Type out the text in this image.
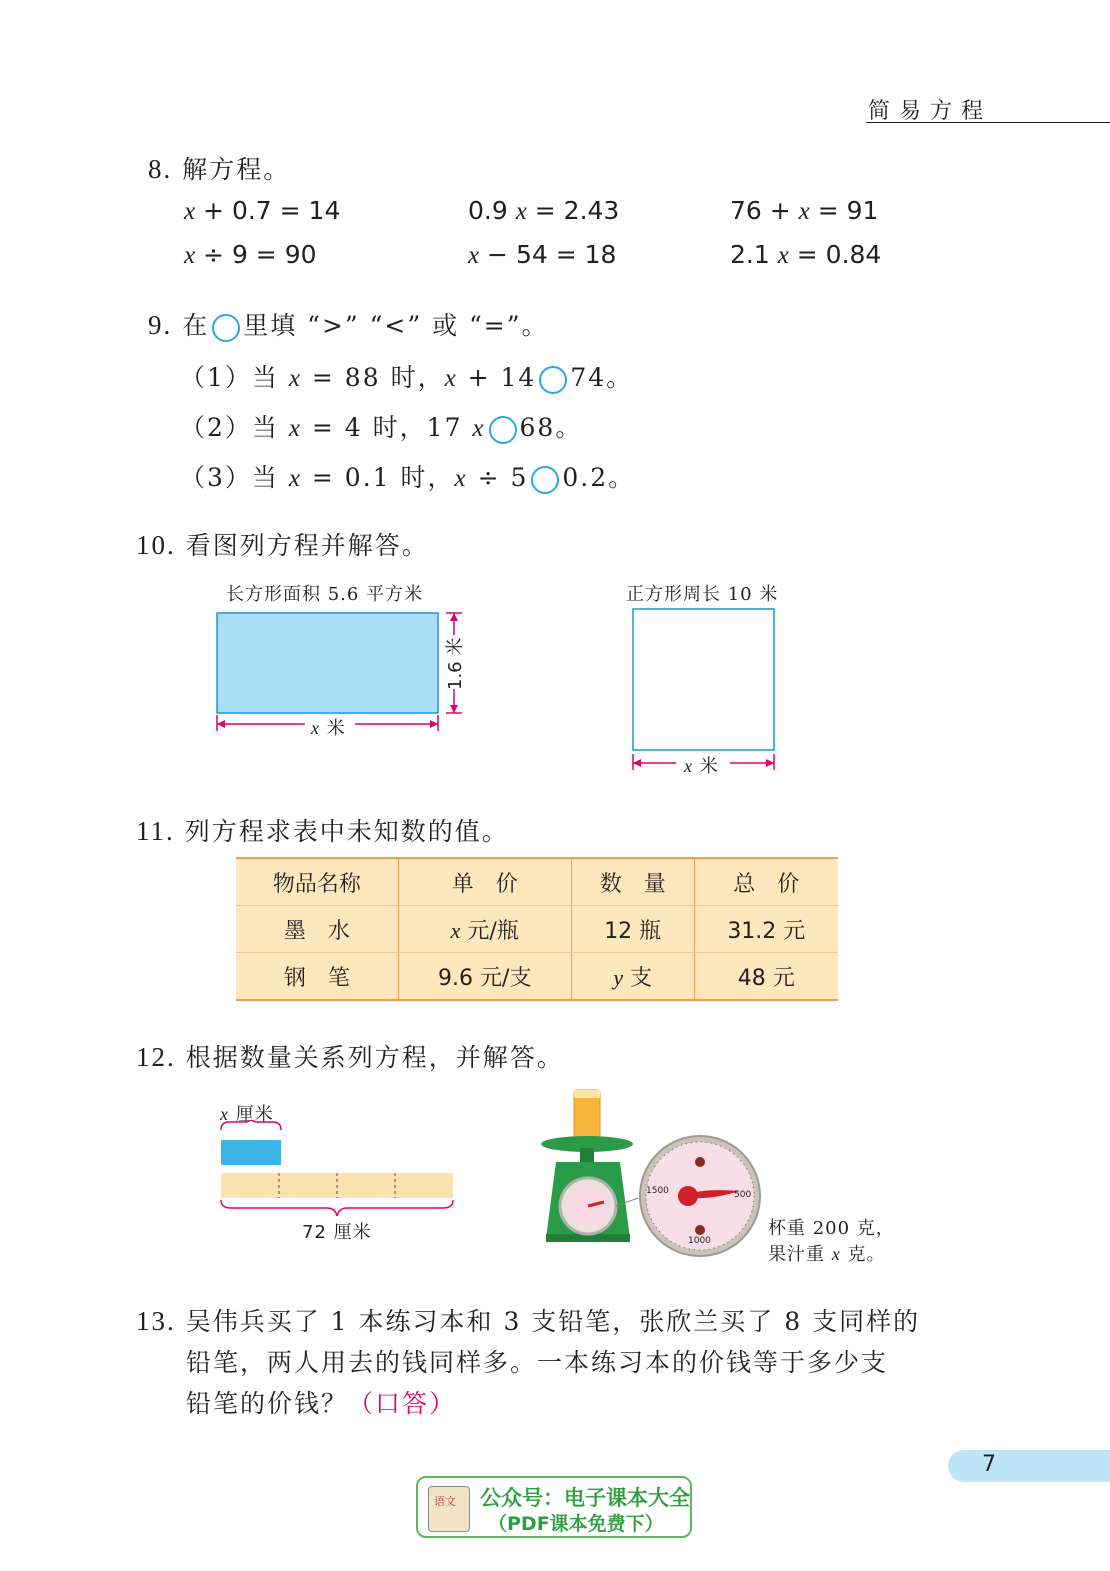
简易方程
8. 解方程。
x + 0.7 = 14	0.9 x = 2.43	76 + x = 91
x ÷ 9 = 90	x − 54 = 18	2.1 x = 0.84
9. 在 里填 “>” “<” 或 “=”。
（1）当 x = 88 时，x + 14 74。
（2）当 x = 4 时，17 x 68。
（3）当 x = 0.1 时，x ÷ 5 0.2。
10. 看图列方程并解答。
长方形面积 5.6 平方米
1.6 米
x 米
正方形周长 10 米
x 米
11. 列方程求表中未知数的值。
物品名称	单　价	数　量	总　价
墨　水	x 元/瓶	12 瓶	31.2 元
钢　笔	9.6 元/支	y 支	48 元
12. 根据数量关系列方程，并解答。
x 厘米
72 厘米
1500	500
1000
杯重 200 克，
果汁重 x 克。
13. 吴伟兵买了 1 本练习本和 3 支铅笔，张欣兰买了 8 支同样的
铅笔，两人用去的钱同样多。一本练习本的价钱等于多少支
铅笔的价钱？（口答）
7
语文 公众号：电子课本大全
（PDF课本免费下）
